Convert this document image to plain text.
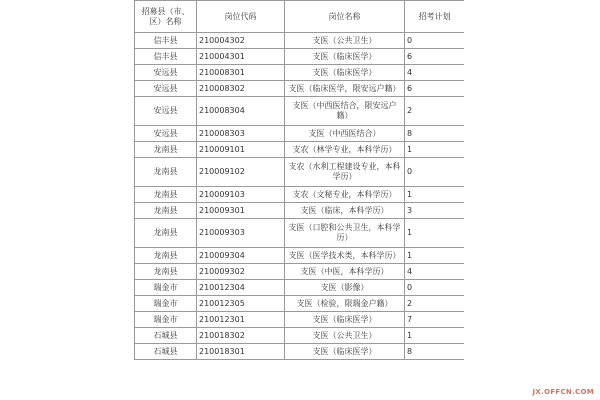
招募县（市、区）名称	岗位代码	岗位名称	招考计划
信丰县	210004302	支医（公共卫生）	0
信丰县	210004301	支医（临床医学）	6
安远县	210008301	支医（临床医学）	4
安远县	210008302	支医（临床医学，限安远户籍）	6
安远县	210008304	支医（中西医结合，限安远户籍）	2
安远县	210008303	支医（中西医结合）	8
龙南县	210009101	支农（林学专业，本科学历）	1
龙南县	210009102	支农（水利工程建设专业，本科学历）	0
龙南县	210009103	支农（文秘专业，本科学历）	1
龙南县	210009301	支医（临床，本科学历）	3
龙南县	210009303	支医（口腔和公共卫生，本科学历）	1
龙南县	210009304	支医（医学技术类，本科学历）	1
龙南县	210009302	支医（中医，本科学历）	4
瑞金市	210012304	支医（影像）	0
瑞金市	210012305	支医（检验，限瑞金户籍）	2
瑞金市	210012301	支医（临床医学）	7
石城县	210018302	支医（公共卫生）	1
石城县	210018301	支医（临床医学）	8
JX.OFFCN.COM
